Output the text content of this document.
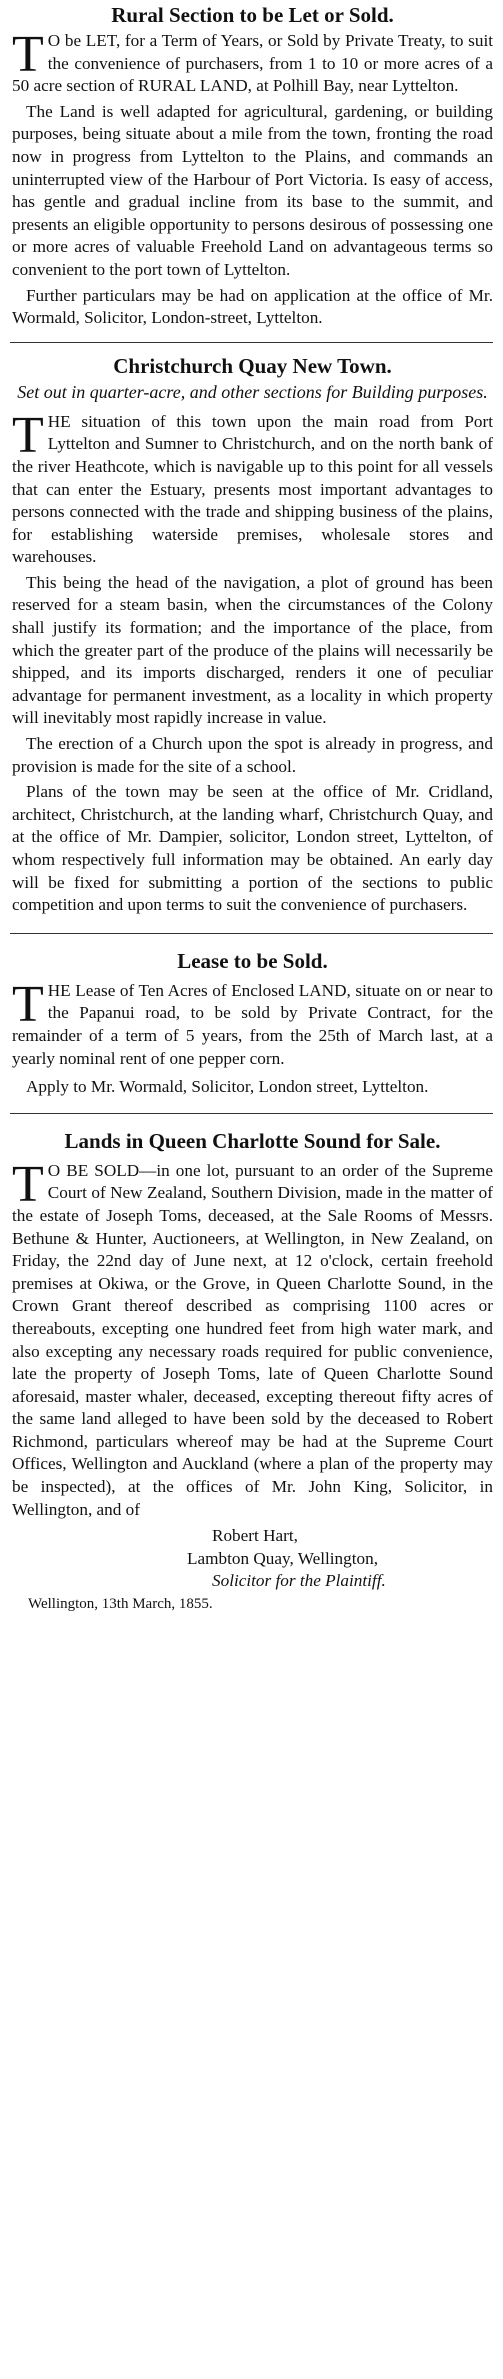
Rural Section to be Let or Sold.

T O be LET, for a Term of Years, or Sold by Private Treaty, to suit the convenience of purchasers, from 1 to 10 or more acres of a 50 acre section of RURAL LAND, at Polhill Bay, near Lyttelton.

The Land is well adapted for agricultural, gardening, or building purposes, being situate about a mile from the town, fronting the road now in progress from Lyttelton to the Plains, and commands an uninterrupted view of the Harbour of Port Victoria. Is easy of access, has gentle and gradual incline from its base to the summit, and presents an eligible opportunity to persons desirous of possessing one or more acres of valuable Freehold Land on advantageous terms so convenient to the port town of Lyttelton.

Further particulars may be had on application at the office of Mr. Wormald, Solicitor, London-street, Lyttelton.

Christchurch Quay New Town.

Set out in quarter-acre, and other sections for Building purposes.

THE situation of this town upon the main road from Port Lyttelton and Sumner to Christchurch, and on the north bank of the river Heathcote, which is navigable up to this point for all vessels that can enter the Estuary, presents most important advantages to persons connected with the trade and shipping business of the plains, for establishing waterside premises, wholesale stores and warehouses.

This being the head of the navigation, a plot of ground has been reserved for a steam basin, when the circumstances of the Colony shall justify its formation; and the importance of the place, from which the greater part of the produce of the plains will necessarily be shipped, and its imports discharged, renders it one of peculiar advantage for permanent investment, as a locality in which property will inevitably most rapidly increase in value.

The erection of a Church upon the spot is already in progress, and provision is made for the site of a school.

Plans of the town may be seen at the office of Mr. Cridland, architect, Christchurch, at the landing wharf, Christchurch Quay, and at the office of Mr. Dampier, solicitor, London street, Lyttelton, of whom respectively full information may be obtained. An early day will be fixed for submitting a portion of the sections to public competition and upon terms to suit the convenience of purchasers.

Lease to be Sold.

THE Lease of Ten Acres of Enclosed LAND, situate on or near to the Papanui road, to be sold by Private Contract, for the remainder of a term of 5 years, from the 25th of March last, at a yearly nominal rent of one pepper corn.

Apply to Mr. Wormald, Solicitor, London street, Lyttelton.

Lands in Queen Charlotte Sound for Sale.

T O BE SOLD—in one lot, pursuant to an order of the Supreme Court of New Zealand, Southern Division, made in the matter of the estate of Joseph Toms, deceased, at the Sale Rooms of Messrs. Bethune & Hunter, Auctioneers, at Wellington, in New Zealand, on Friday, the 22nd day of June next, at 12 o'clock, certain freehold premises at Okiwa, or the Grove, in Queen Charlotte Sound, in the Crown Grant thereof described as comprising 1100 acres or thereabouts, excepting one hundred feet from high water mark, and also excepting any necessary roads required for public convenience, late the property of Joseph Toms, late of Queen Charlotte Sound aforesaid, master whaler, deceased, excepting thereout fifty acres of the same land alleged to have been sold by the deceased to Robert Richmond, particulars whereof may be had at the Supreme Court Offices, Wellington and Auckland (where a plan of the property may be inspected), at the offices of Mr. John King, Solicitor, in Wellington, and of

Robert Hart,

Lambton Quay, Wellington,

Solicitor for the Plaintiff.

Wellington, 13th March, 1855.
